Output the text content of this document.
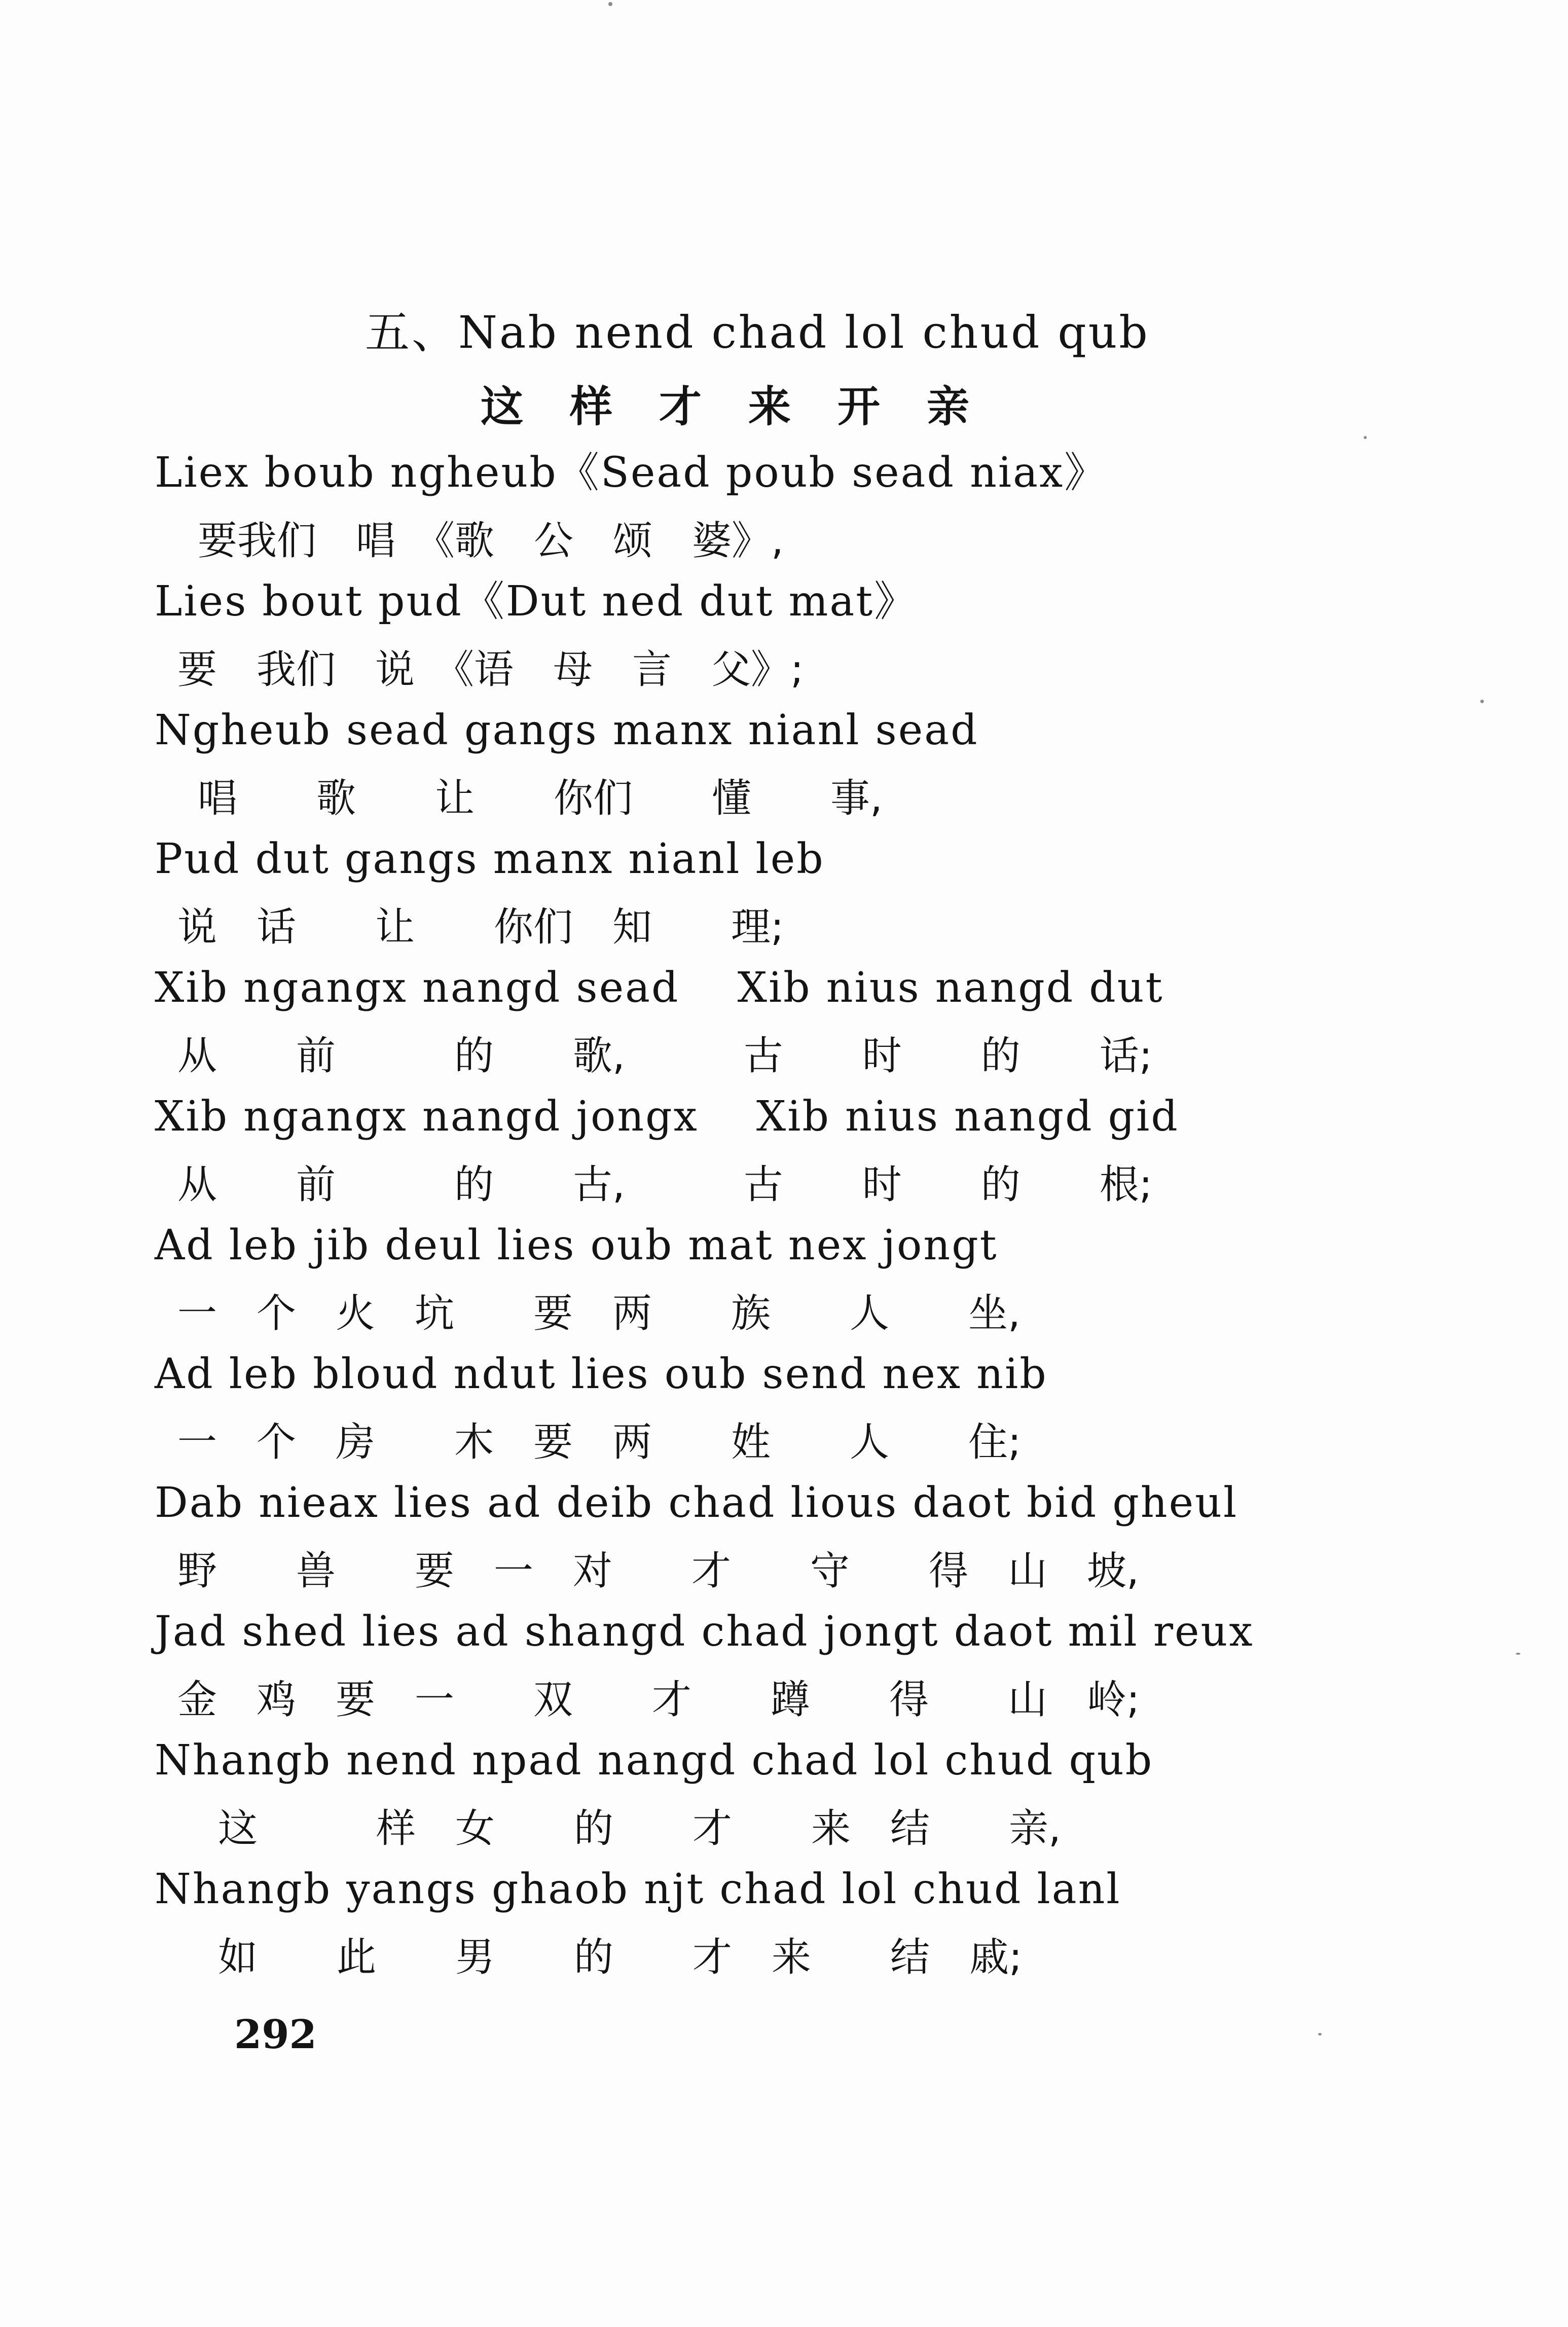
五、Nab nend chad lol chud qub
这样才来开亲
Liex boub ngheub《Sead poub sead niax》
要我们　唱　《歌　公　颂　婆》,
Lies bout pud《Dut ned dut mat》
要　我们　说　《语　母　言　父》;
Ngheub sead gangs manx nianl sead
唱　　歌　　让　　你们　　懂　　事,
Pud dut gangs manx nianl leb
说　话　　让　　你们　知　　理;
Xib ngangx nangd sead　 Xib nius nangd dut
从　　前　　　的　　歌,　　　古　　时　　的　　话;
Xib ngangx nangd jongx　 Xib nius nangd gid
从　　前　　　的　　古,　　　古　　时　　的　　根;
Ad leb jib deul lies oub mat nex jongt
一　个　火　坑　　要　两　　族　　人　　坐,
Ad leb bloud ndut lies oub send nex nib
一　个　房　　木　要　两　　姓　　人　　住;
Dab nieax lies ad deib chad lious daot bid gheul
野　　兽　　要　一　对　　才　　守　　得　山　坡,
Jad shed lies ad shangd chad jongt daot mil reux
金　鸡　要　一　　双　　才　　蹲　　得　　山　岭;
Nhangb nend npad nangd chad lol chud qub
这　　　样　女　　的　　才　　来　结　　亲,
Nhangb yangs ghaob njt chad lol chud lanl
如　　此　　男　　的　　才　来　　结　戚;
292
